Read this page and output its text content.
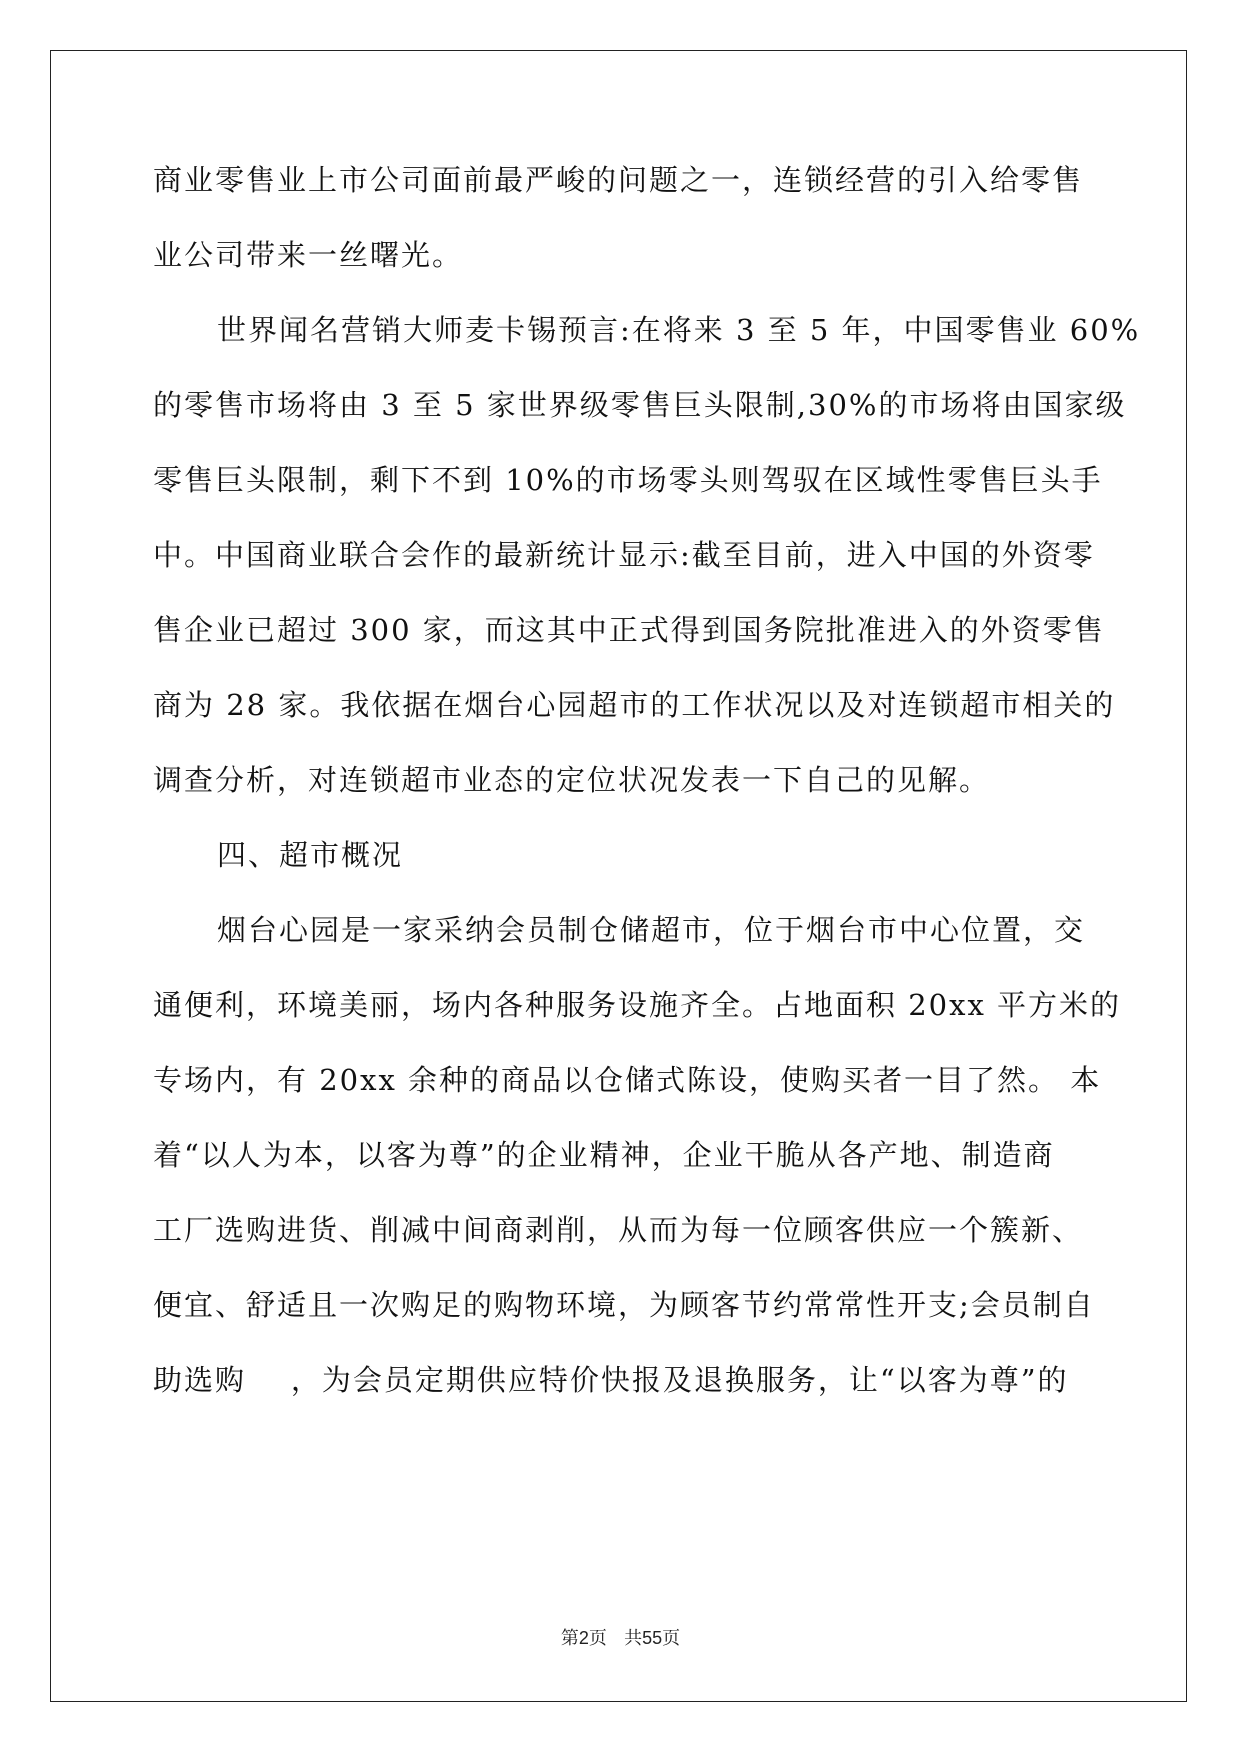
商业零售业上市公司面前最严峻的问题之一，连锁经营的引入给零售
业公司带来一丝曙光。
世界闻名营销大师麦卡锡预言:在将来 3 至 5 年，中国零售业 60%
的零售市场将由 3 至 5 家世界级零售巨头限制,30%的市场将由国家级
零售巨头限制，剩下不到 10%的市场零头则驾驭在区域性零售巨头手
中。中国商业联合会作的最新统计显示:截至目前，进入中国的外资零
售企业已超过 300 家，而这其中正式得到国务院批准进入的外资零售
商为 28 家。我依据在烟台心园超市的工作状况以及对连锁超市相关的
调查分析，对连锁超市业态的定位状况发表一下自己的见解。
四、超市概况
烟台心园是一家采纳会员制仓储超市，位于烟台市中心位置，交
通便利，环境美丽，场内各种服务设施齐全。占地面积 20xx 平方米的
专场内，有 20xx 余种的商品以仓储式陈设，使购买者一目了然。 本
着“以人为本，以客为尊”的企业精神，企业干脆从各产地、制造商
工厂选购进货、削减中间商剥削，从而为每一位顾客供应一个簇新、
便宜、舒适且一次购足的购物环境，为顾客节约常常性开支;会员制自
助选购    ，为会员定期供应特价快报及退换服务，让“以客为尊”的
第2页 共55页
